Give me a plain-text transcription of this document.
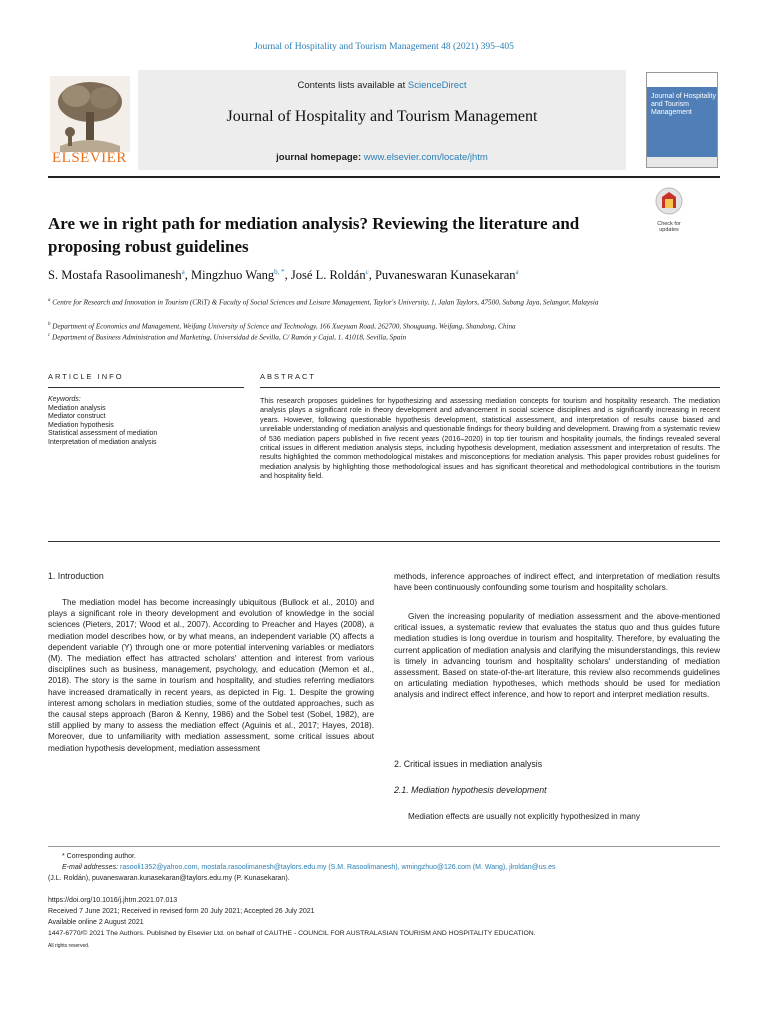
Journal of Hospitality and Tourism Management 48 (2021) 395–405
ELSEVIER
Contents lists available at ScienceDirect
Journal of Hospitality and Tourism Management
journal homepage: www.elsevier.com/locate/jhtm
Journal of Hospitality and Tourism Management
Are we in right path for mediation analysis? Reviewing the literature and proposing robust guidelines
Check for updates
S. Mostafa Rasoolimanesh$^a$, Mingzhuo Wang$^{b, *}$, José L. Roldán$^c$, Puvaneswaran Kunasekaran$^a$
$^a$ Centre for Research and Innovation in Tourism (CRiT) & Faculty of Social Sciences and Leisure Management, Taylor's University, 1, Jalan Taylors, 47500, Subang Jaya, Selangor, Malaysia
$^b$ Department of Economics and Management, Weifang University of Science and Technology, 166 Xueyuan Road, 262700, Shouguang, Weifang, Shandong, China
$^c$ Department of Business Administration and Marketing, Universidad de Sevilla, C/ Ramón y Cajal, 1. 41018, Sevilla, Spain
ARTICLE INFO	ABSTRACT
Keywords:
Mediation analysis
Mediator construct
Mediation hypothesis
Statistical assessment of mediation
Interpretation of mediation analysis
This research proposes guidelines for hypothesizing and assessing mediation concepts for tourism and hospitality research. The mediation analysis plays a significant role in theory development and advancement in social science disciplines and is significantly increasing in recent years. However, following questionable hypothesis development, statistical assessment, and interpretation of results cause biased and unreliable understanding of mediation analysis and questionable findings for theory building and development. Drawing from a systematic review of 536 mediation papers published in five recent years (2016–2020) in top tier tourism and hospitality journals, the findings revealed several critical issues in different mediation analysis steps, including hypothesis development, mediation assessment and interpretation of results. The results highlighted the common methodological mistakes and misconceptions for mediation analysis. This paper provides robust guidelines for mediation analysis by highlighting those methodological issues and has significant theoretical and methodological contributions in the tourism and hospitality field.
1. Introduction
The mediation model has become increasingly ubiquitous (Bullock et al., 2010) and plays a significant role in theory development and evolution of knowledge in the social sciences (Pieters, 2017; Wood et al., 2007). According to Preacher and Hayes (2008), a mediation model describes how, or by what means, an independent variable (X) affects a dependent variable (Y) through one or more potential intervening variables or mediators (M). The mediation effect has attracted scholars' attention and interest from various disciplines such as business, management, psychology, and education (Memon et al., 2018). The story is the same in tourism and hospitality, and studies referring mediators have increased dramatically in recent years, as depicted in Fig. 1. Despite the growing interest among scholars in mediation studies, some of the outdated approaches, such as the causal steps approach (Baron & Kenny, 1986) and the Sobel test (Sobel, 1982), are still applied by many to assess the mediation effect (Aguinis et al., 2017; Hayes, 2018). Moreover, due to unfamiliarity with mediation assessment, some critical issues about mediation hypothesis development, mediation assessment
methods, inference approaches of indirect effect, and interpretation of mediation results have been continuously confounding some tourism and hospitality scholars.
Given the increasing popularity of mediation assessment and the above-mentioned critical issues, a systematic review that evaluates the status quo and thus guides future mediation studies is long overdue in tourism and hospitality. Therefore, by evaluating the current application of mediation analysis and clarifying the misunderstandings, this review is timely in advancing tourism and hospitality scholars' understanding of mediation assessment. Based on state-of-the-art literature, this review also recommends guidelines on articulating mediation hypotheses, which methods should be used for mediation analysis and indirect effect inference, and how to report and interpret mediation results.
2. Critical issues in mediation analysis
2.1. Mediation hypothesis development
Mediation effects are usually not explicitly hypothesized in many
* Corresponding author.
E-mail addresses: rasooli1352@yahoo.com, mostafa.rasoolimanesh@taylors.edu.my (S.M. Rasoolimanesh), wmingzhuo@126.com (M. Wang), jlroldan@us.es
(J.L. Roldán), puvaneswaran.kunasekaran@taylors.edu.my (P. Kunasekaran).
https://doi.org/10.1016/j.jhtm.2021.07.013
Received 7 June 2021; Received in revised form 20 July 2021; Accepted 26 July 2021
Available online 2 August 2021
1447-6770/© 2021 The Authors. Published by Elsevier Ltd. on behalf of CAUTHE - COUNCIL FOR AUSTRALASIAN TOURISM AND HOSPITALITY EDUCATION.
All rights reserved.
